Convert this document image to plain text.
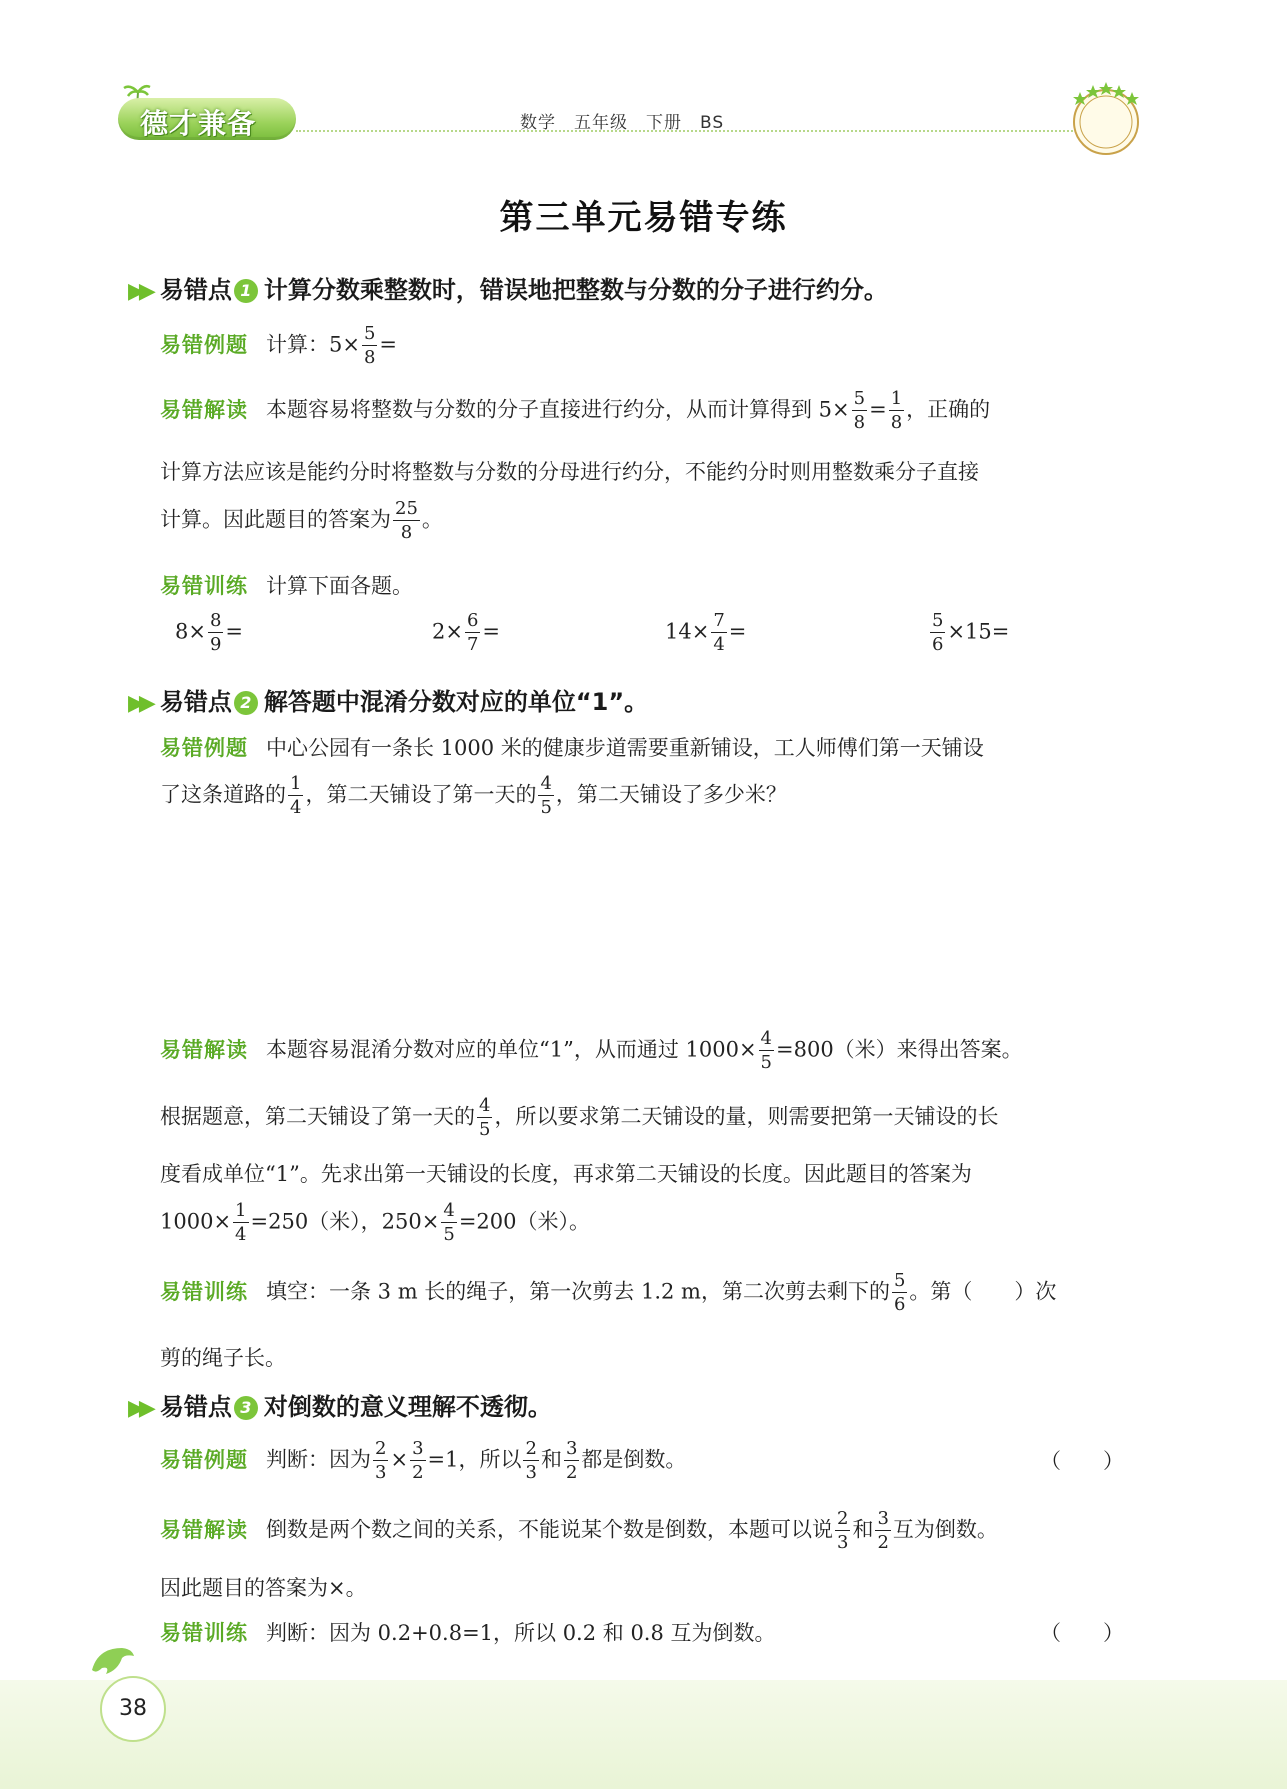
德才兼备	数学　五年级　下册　BS
第三单元易错专练
▶▶ 易错点 1 计算分数乘整数时，错误地把整数与分数的分子进行约分。
易错例题 计算：$5\times \frac{5}{8}$ =
易错解读 本题容易将整数与分数的分子直接进行约分，从而计算得到 $5\times \frac{5}{8} = \frac{1}{8}$ ，正确的
计算方法应该是能约分时将整数与分数的分母进行约分，不能约分时则用整数乘分子直接
计算。因此题目的答案为 $\frac{25}{8}$ 。
易错训练 计算下面各题。
$8\times \frac{8}{9}$ =	$2\times \frac{6}{7}$ =	$14\times \frac{7}{4}$ =	$\frac{5}{6} \times 15=$
▶▶ 易错点 2 解答题中混淆分数对应的单位“1”。
易错例题 中心公园有一条长 1000 米的健康步道需要重新铺设，工人师傅们第一天铺设
了这条道路的 $\frac{1}{4}$ ，第二天铺设了第一天的 $\frac{4}{5}$ ，第二天铺设了多少米？
易错解读 本题容易混淆分数对应的单位“1”，从而通过 $1000\times \frac{4}{5} =800$（米）来得出答案。
根据题意，第二天铺设了第一天的 $\frac{4}{5}$ ，所以要求第二天铺设的量，则需要把第一天铺设的长
度看成单位“1”。先求出第一天铺设的长度，再求第二天铺设的长度。因此题目的答案为
$1000\times \frac{1}{4} =250$（米），$250\times \frac{4}{5} =200$（米）。
易错训练 填空：一条 3 m 长的绳子，第一次剪去 1.2 m，第二次剪去剩下的 $\frac{5}{6}$ 。第（　　）次
剪的绳子长。
▶▶ 易错点 3 对倒数的意义理解不透彻。
易错例题 判断：因为 $\frac{2}{3} \times \frac{3}{2} =1$，所以 $\frac{2}{3}$ 和 $\frac{3}{2}$ 都是倒数。	（　　）
易错解读 倒数是两个数之间的关系，不能说某个数是倒数，本题可以说 $\frac{2}{3}$ 和 $\frac{3}{2}$ 互为倒数。
因此题目的答案为×。
易错训练 判断：因为 0.2+0.8=1，所以 0.2 和 0.8 互为倒数。	（　　）
38
